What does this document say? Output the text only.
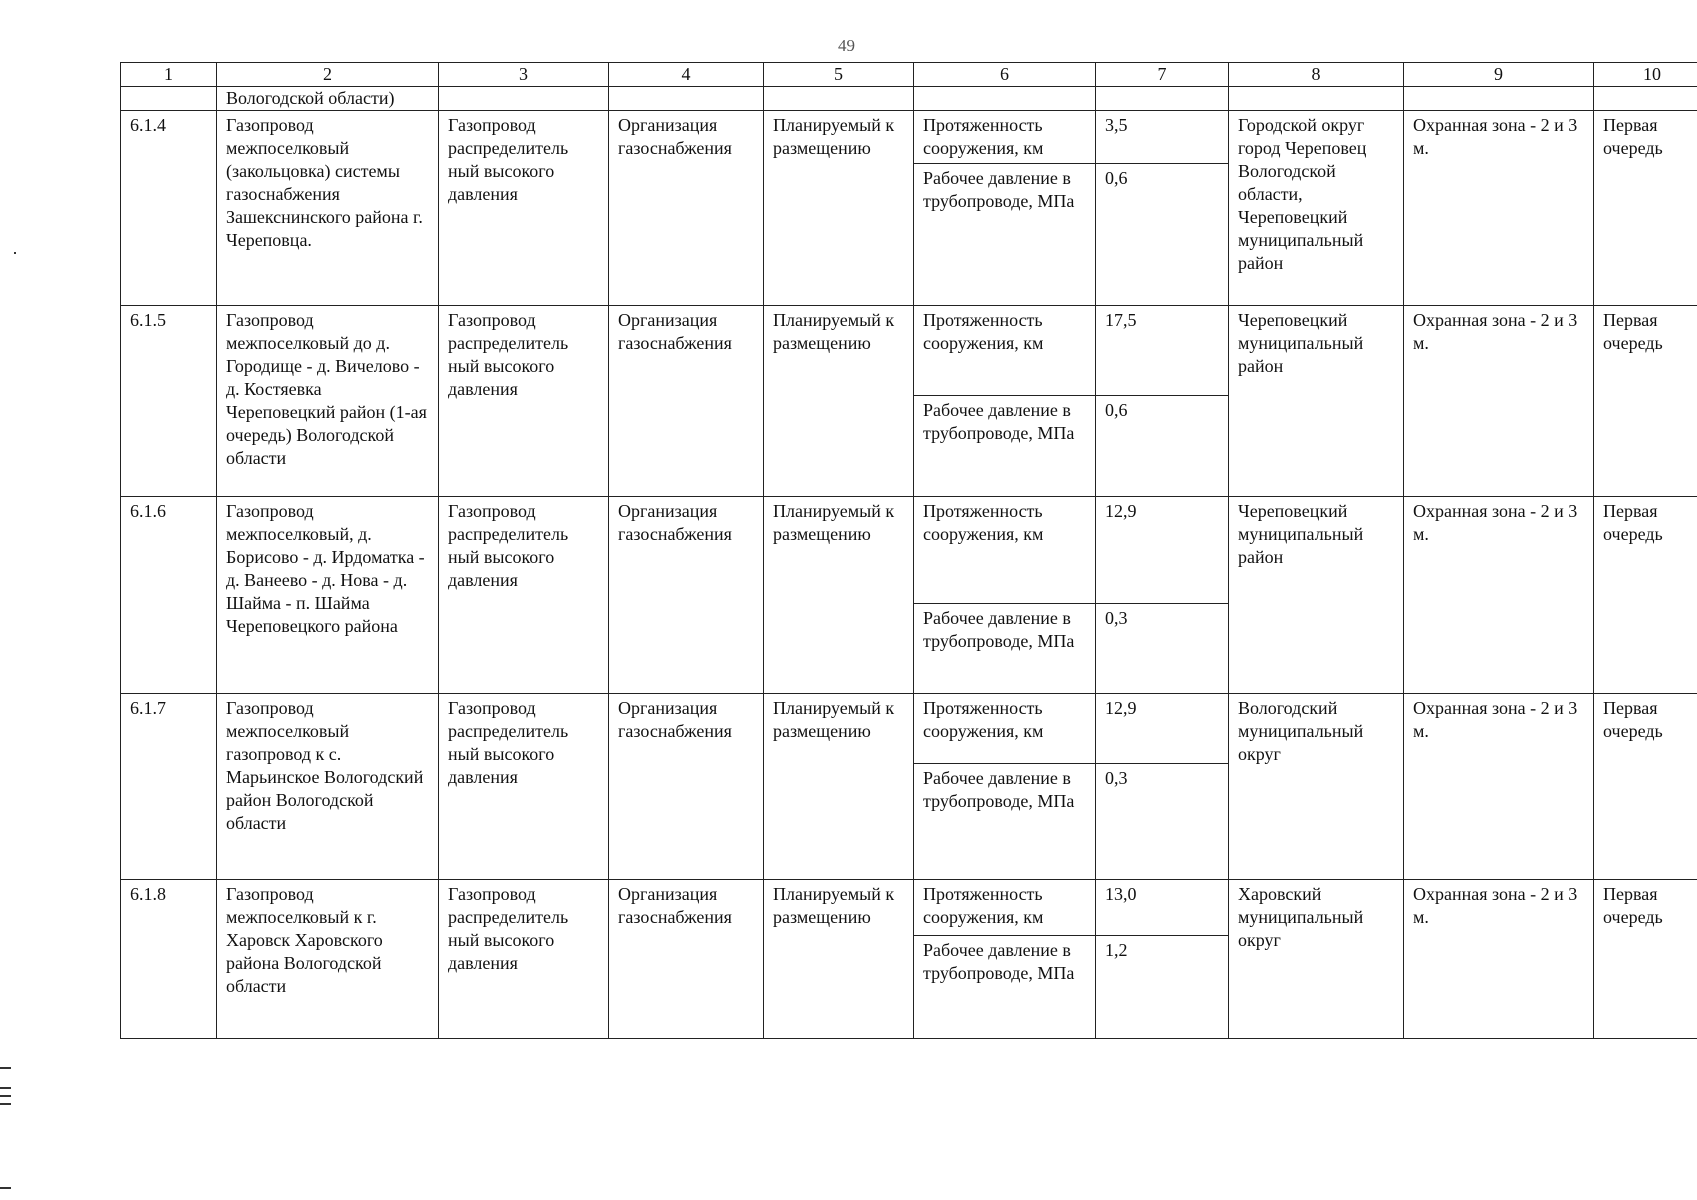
49
1	2	3	4	5	6	7	8	9	10
	Вологодской области)								
6.1.4	Газопровод межпоселковый (закольцовка) системы газоснабжения Зашекснинского района г. Череповца.	Газопровод распределитель ный высокого давления	Организация газоснабжения	Планируемый к размещению	Протяженность сооружения, км	3,5	Городской округ город Череповец Вологодской области, Череповецкий муниципальный район	Охранная зона - 2 и 3 м.	Первая очередь
					Рабочее давление в трубопроводе, МПа	0,6			
6.1.5	Газопровод межпоселковый до д. Городище - д. Вичелово - д. Костяевка Череповецкий район (1-ая очередь) Вологодской области	Газопровод распределитель ный высокого давления	Организация газоснабжения	Планируемый к размещению	Протяженность сооружения, км	17,5	Череповецкий муниципальный район	Охранная зона - 2 и 3 м.	Первая очередь
					Рабочее давление в трубопроводе, МПа	0,6			
6.1.6	Газопровод межпоселковый, д. Борисово - д. Ирдоматка - д. Ванеево - д. Нова - д. Шайма - п. Шайма Череповецкого района	Газопровод распределитель ный высокого давления	Организация газоснабжения	Планируемый к размещению	Протяженность сооружения, км	12,9	Череповецкий муниципальный район	Охранная зона - 2 и 3 м.	Первая очередь
					Рабочее давление в трубопроводе, МПа	0,3			
6.1.7	Газопровод межпоселковый газопровод к с. Марьинское Вологодский район Вологодской области	Газопровод распределитель ный высокого давления	Организация газоснабжения	Планируемый к размещению	Протяженность сооружения, км	12,9	Вологодский муниципальный округ	Охранная зона - 2 и 3 м.	Первая очередь
					Рабочее давление в трубопроводе, МПа	0,3			
6.1.8	Газопровод межпоселковый к г. Харовск Харовского района Вологодской области	Газопровод распределитель ный высокого давления	Организация газоснабжения	Планируемый к размещению	Протяженность сооружения, км	13,0	Харовский муниципальный округ	Охранная зона - 2 и 3 м.	Первая очередь
					Рабочее давление в трубопроводе, МПа	1,2			
